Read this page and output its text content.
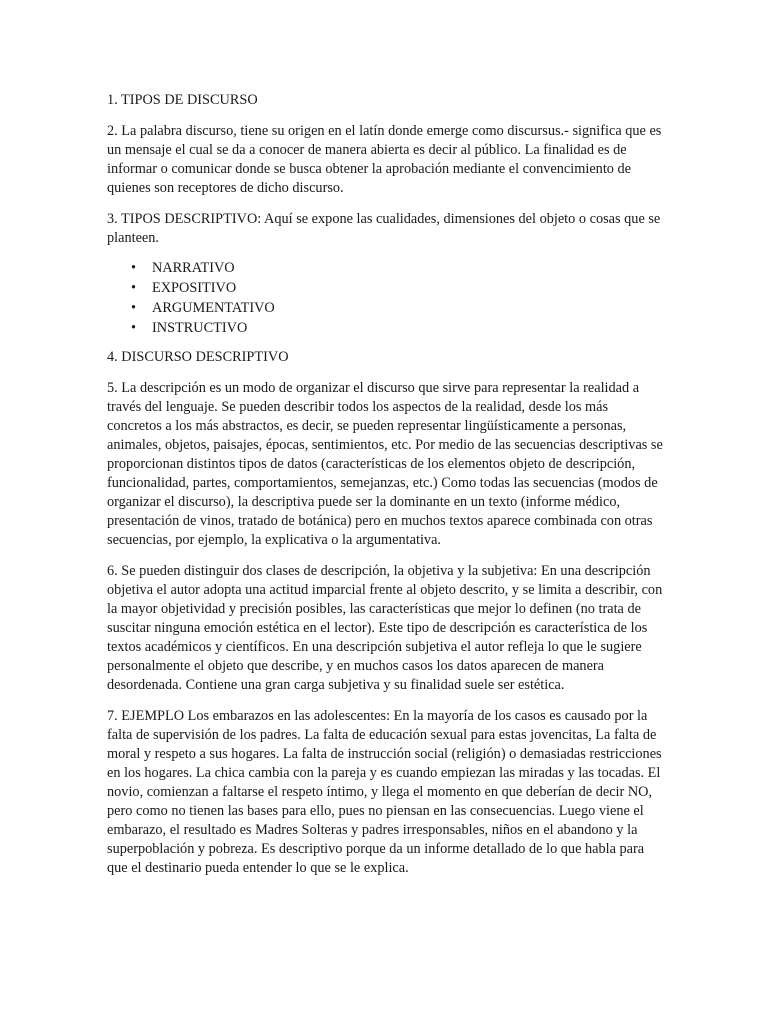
1. TIPOS DE DISCURSO

2. La palabra discurso, tiene su origen en el latín donde emerge como discursus.- significa que es un mensaje el cual se da a conocer de manera abierta es decir al público. La finalidad es de informar o comunicar donde se busca obtener la aprobación mediante el convencimiento de quienes son receptores de dicho discurso.

3. TIPOS DESCRIPTIVO: Aquí se expone las cualidades, dimensiones del objeto o cosas que se planteen.

• NARRATIVO
• EXPOSITIVO
• ARGUMENTATIVO
• INSTRUCTIVO

4. DISCURSO DESCRIPTIVO

5. La descripción es un modo de organizar el discurso que sirve para representar la realidad a través del lenguaje. Se pueden describir todos los aspectos de la realidad, desde los más concretos a los más abstractos, es decir, se pueden representar lingüísticamente a personas, animales, objetos, paisajes, épocas, sentimientos, etc. Por medio de las secuencias descriptivas se proporcionan distintos tipos de datos (características de los elementos objeto de descripción, funcionalidad, partes, comportamientos, semejanzas, etc.) Como todas las secuencias (modos de organizar el discurso), la descriptiva puede ser la dominante en un texto (informe médico, presentación de vinos, tratado de botánica) pero en muchos textos aparece combinada con otras secuencias, por ejemplo, la explicativa o la argumentativa.

6. Se pueden distinguir dos clases de descripción, la objetiva y la subjetiva: En una descripción objetiva el autor adopta una actitud imparcial frente al objeto descrito, y se limita a describir, con la mayor objetividad y precisión posibles, las características que mejor lo definen (no trata de suscitar ninguna emoción estética en el lector). Este tipo de descripción es característica de los textos académicos y científicos. En una descripción subjetiva el autor refleja lo que le sugiere personalmente el objeto que describe, y en muchos casos los datos aparecen de manera desordenada. Contiene una gran carga subjetiva y su finalidad suele ser estética.

7. EJEMPLO Los embarazos en las adolescentes: En la mayoría de los casos es causado por la falta de supervisión de los padres. La falta de educación sexual para estas jovencitas, La falta de moral y respeto a sus hogares. La falta de instrucción social (religión) o demasiadas restricciones en los hogares. La chica cambia con la pareja y es cuando empiezan las miradas y las tocadas. El novio, comienzan a faltarse el respeto íntimo, y llega el momento en que deberían de decir NO, pero como no tienen las bases para ello, pues no piensan en las consecuencias. Luego viene el embarazo, el resultado es Madres Solteras y padres irresponsables, niños en el abandono y la superpoblación y pobreza. Es descriptivo porque da un informe detallado de lo que habla para que el destinario pueda entender lo que se le explica.
